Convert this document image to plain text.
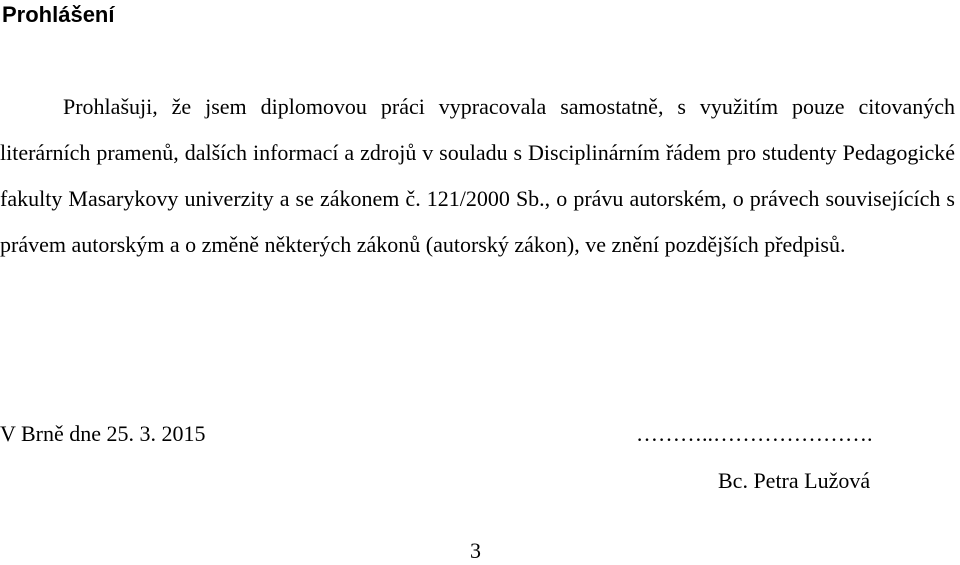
Prohlášení

Prohlašuji, že jsem diplomovou práci vypracovala samostatně, s využitím pouze citovaných literárních pramenů, dalších informací a zdrojů v souladu s Disciplinárním řádem pro studenty Pedagogické fakulty Masarykovy univerzity a se zákonem č. 121/2000 Sb., o právu autorském, o právech souvisejících s právem autorským a o změně některých zákonů (autorský zákon), ve znění pozdějších předpisů.

V Brně dne 25. 3. 2015	………..………………….

Bc. Petra Lužová

3
